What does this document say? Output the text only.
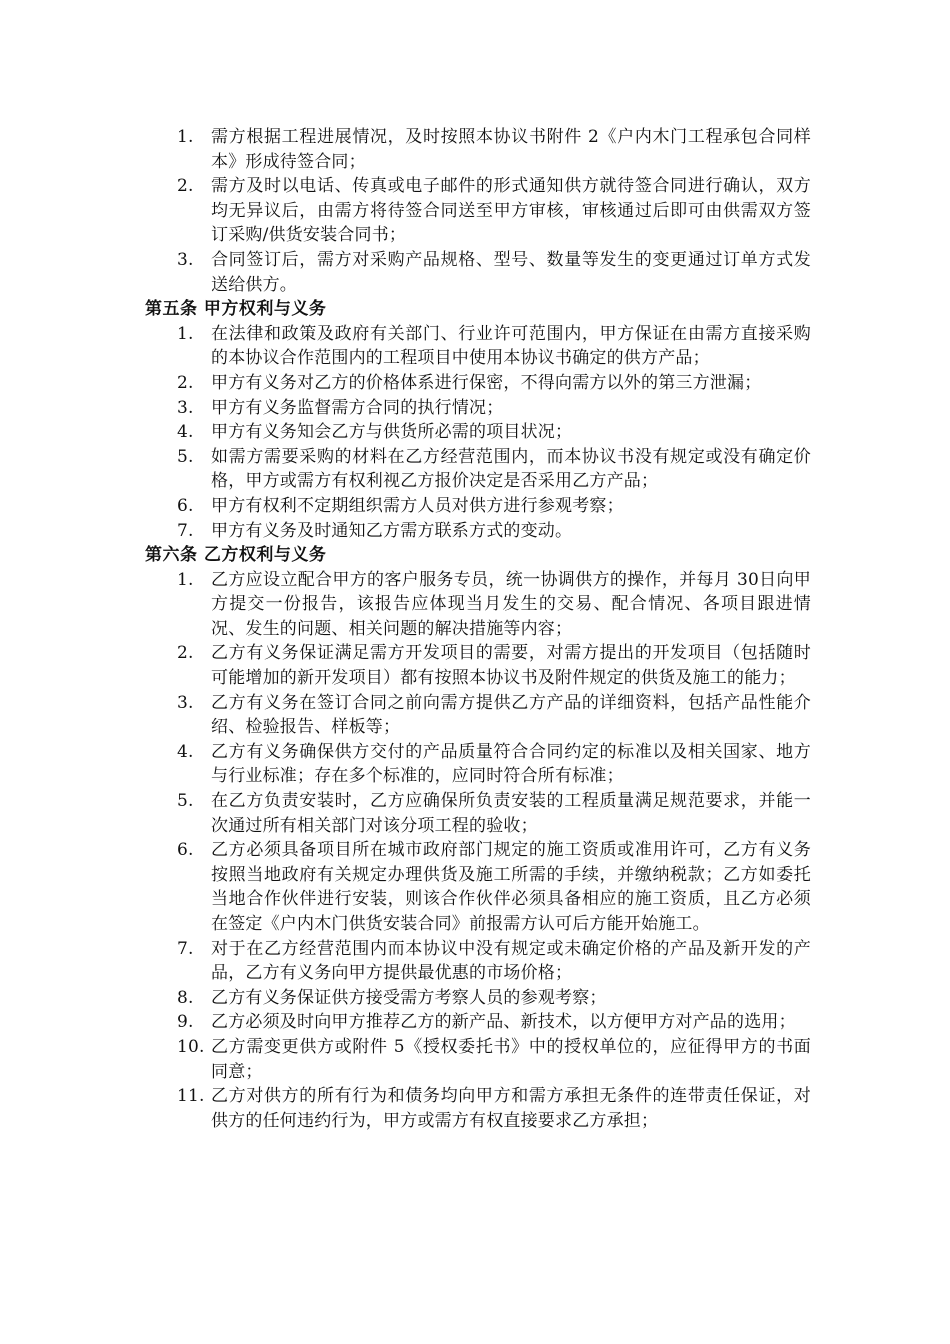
1.	需方根据工程进展情况，及时按照本协议书附件 2《户内木门工程承包合同样本》形成待签合同；
2.	需方及时以电话、传真或电子邮件的形式通知供方就待签合同进行确认，双方均无异议后，由需方将待签合同送至甲方审核，审核通过后即可由供需双方签订采购/供货安装合同书；
3.	合同签订后，需方对采购产品规格、型号、数量等发生的变更通过订单方式发送给供方。
第五条 甲方权利与义务
1.	在法律和政策及政府有关部门、行业许可范围内，甲方保证在由需方直接采购的本协议合作范围内的工程项目中使用本协议书确定的供方产品；
2.	甲方有义务对乙方的价格体系进行保密，不得向需方以外的第三方泄漏；
3.	甲方有义务监督需方合同的执行情况；
4.	甲方有义务知会乙方与供货所必需的项目状况；
5.	如需方需要采购的材料在乙方经营范围内，而本协议书没有规定或没有确定价格，甲方或需方有权利视乙方报价决定是否采用乙方产品；
6.	甲方有权利不定期组织需方人员对供方进行参观考察；
7.	甲方有义务及时通知乙方需方联系方式的变动。
第六条 乙方权利与义务
1.	乙方应设立配合甲方的客户服务专员，统一协调供方的操作，并每月 30日向甲方提交一份报告，该报告应体现当月发生的交易、配合情况、各项目跟进情况、发生的问题、相关问题的解决措施等内容；
2.	乙方有义务保证满足需方开发项目的需要，对需方提出的开发项目（包括随时可能增加的新开发项目）都有按照本协议书及附件规定的供货及施工的能力；
3.	乙方有义务在签订合同之前向需方提供乙方产品的详细资料，包括产品性能介绍、检验报告、样板等；
4.	乙方有义务确保供方交付的产品质量符合合同约定的标准以及相关国家、地方与行业标准；存在多个标准的，应同时符合所有标准；
5.	在乙方负责安装时，乙方应确保所负责安装的工程质量满足规范要求，并能一次通过所有相关部门对该分项工程的验收；
6.	乙方必须具备项目所在城市政府部门规定的施工资质或准用许可，乙方有义务按照当地政府有关规定办理供货及施工所需的手续，并缴纳税款；乙方如委托当地合作伙伴进行安装，则该合作伙伴必须具备相应的施工资质，且乙方必须在签定《户内木门供货安装合同》前报需方认可后方能开始施工。
7.	对于在乙方经营范围内而本协议中没有规定或未确定价格的产品及新开发的产品，乙方有义务向甲方提供最优惠的市场价格；
8.	乙方有义务保证供方接受需方考察人员的参观考察；
9.	乙方必须及时向甲方推荐乙方的新产品、新技术，以方便甲方对产品的选用；
10. 乙方需变更供方或附件 5《授权委托书》中的授权单位的，应征得甲方的书面同意；
11. 乙方对供方的所有行为和债务均向甲方和需方承担无条件的连带责任保证，对供方的任何违约行为，甲方或需方有权直接要求乙方承担；
